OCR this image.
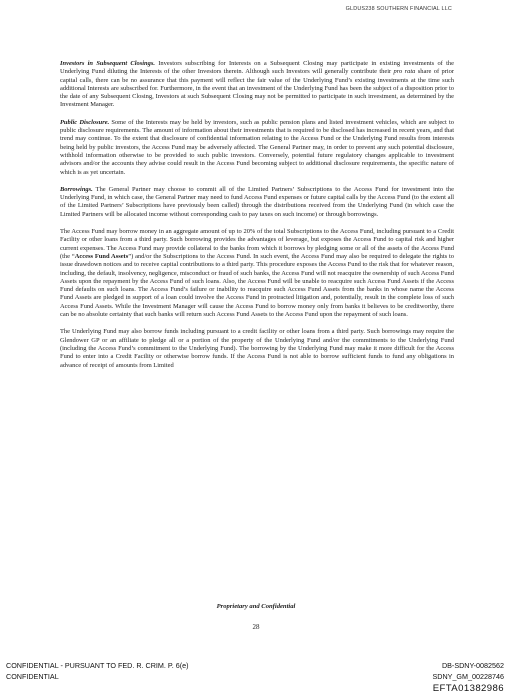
GLDUS238 SOUTHERN FINANCIAL LLC

Investors in Subsequent Closings. Investors subscribing for Interests on a Subsequent Closing may participate in existing investments of the Underlying Fund diluting the Interests of the other Investors therein. Although such Investors will generally contribute their pro rata share of prior capital calls, there can be no assurance that this payment will reflect the fair value of the Underlying Fund’s existing investments at the time such additional Interests are subscribed for. Furthermore, in the event that an investment of the Underlying Fund has been the subject of a disposition prior to the date of any Subsequent Closing, Investors at such Subsequent Closing may not be permitted to participate in such investment, as determined by the Investment Manager.

Public Disclosure. Some of the Interests may be held by investors, such as public pension plans and listed investment vehicles, which are subject to public disclosure requirements. The amount of information about their investments that is required to be disclosed has increased in recent years, and that trend may continue. To the extent that disclosure of confidential information relating to the Access Fund or the Underlying Fund results from interests being held by public investors, the Access Fund may be adversely affected. The General Partner may, in order to prevent any such potential disclosure, withhold information otherwise to be provided to such public investors. Conversely, potential future regulatory changes applicable to investment advisors and/or the accounts they advise could result in the Access Fund becoming subject to additional disclosure requirements, the specific nature of which is as yet uncertain.

Borrowings. The General Partner may choose to commit all of the Limited Partners’ Subscriptions to the Access Fund for investment into the Underlying Fund, in which case, the General Partner may need to fund Access Fund expenses or future capital calls by the Access Fund (to the extent all of the Limited Partners’ Subscriptions have previously been called) through the distributions received from the Underlying Fund (in which case the Limited Partners will be allocated income without corresponding cash to pay taxes on such income) or through borrowings.

The Access Fund may borrow money in an aggregate amount of up to 20% of the total Subscriptions to the Access Fund, including pursuant to a Credit Facility or other loans from a third party. Such borrowing provides the advantages of leverage, but exposes the Access Fund to capital risk and higher current expenses. The Access Fund may provide collateral to the banks from which it borrows by pledging some or all of the assets of the Access Fund (the “Access Fund Assets”) and/or the Subscriptions to the Access Fund. In such event, the Access Fund may also be required to delegate the rights to issue drawdown notices and to receive capital contributions to a third party. This procedure exposes the Access Fund to the risk that for whatever reason, including, the default, insolvency, negligence, misconduct or fraud of such banks, the Access Fund will not reacquire the ownership of such Access Fund Assets upon the repayment by the Access Fund of such loans. Also, the Access Fund will be unable to reacquire such Access Fund Assets if the Access Fund defaults on such loans. The Access Fund’s failure or inability to reacquire such Access Fund Assets from the banks in whose name the Access Fund Assets are pledged in support of a loan could involve the Access Fund in protracted litigation and, potentially, result in the complete loss of such Access Fund Assets. While the Investment Manager will cause the Access Fund to borrow money only from banks it believes to be creditworthy, there can be no absolute certainty that such banks will return such Access Fund Assets to the Access Fund upon the repayment of such loans.

The Underlying Fund may also borrow funds including pursuant to a credit facility or other loans from a third party. Such borrowings may require the Glendower GP or an affiliate to pledge all or a portion of the property of the Underlying Fund and/or the commitments to the Underlying Fund (including the Access Fund’s commitment to the Underlying Fund). The borrowing by the Underlying Fund may make it more difficult for the Access Fund to enter into a Credit Facility or otherwise borrow funds. If the Access Fund is not able to borrow sufficient funds to fund any obligations in advance of receipt of amounts from Limited

Proprietary and Confidential
28
CONFIDENTIAL - PURSUANT TO FED. R. CRIM. P. 6(e)
CONFIDENTIAL
DB-SDNY-0082562
SDNY_GM_00228746
EFTA01382986
